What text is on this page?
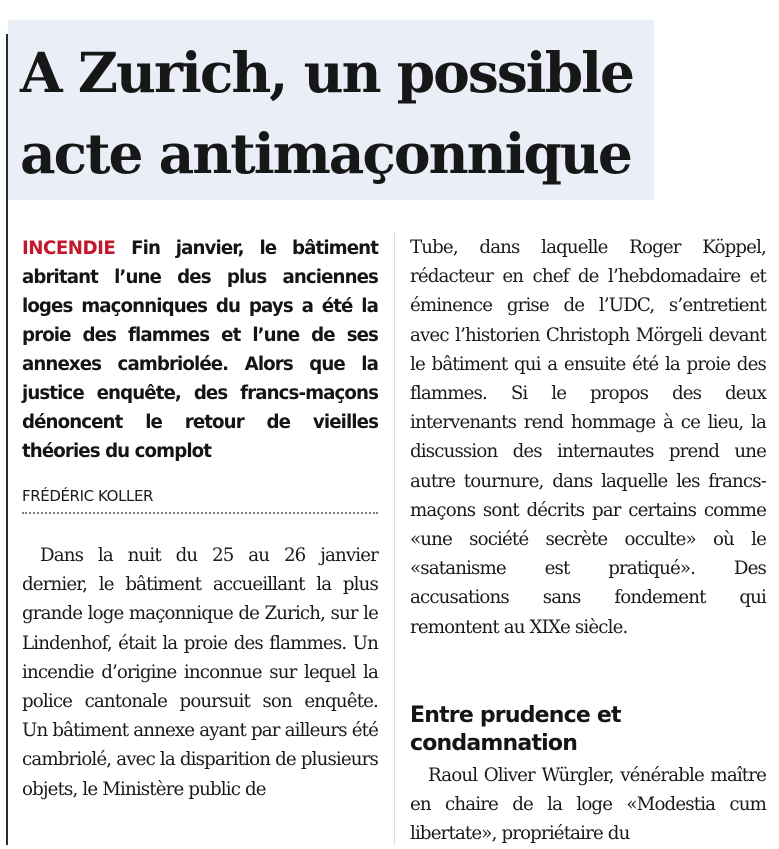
A Zurich, un possible
acte antimaçonnique

INCENDIE Fin janvier, le bâtiment abritant l’une des plus anciennes loges maçonniques du pays a été la proie des flammes et l’une de ses annexes cambriolée. Alors que la justice enquête, des francs-maçons dénoncent le retour de vieilles théories du complot

FRÉDÉRIC KOLLER

Dans la nuit du 25 au 26 janvier dernier, le bâtiment accueillant la plus grande loge maçonnique de Zurich, sur le Lindenhof, était la proie des flammes. Un incendie d’origine inconnue sur lequel la police cantonale poursuit son enquête. Un bâtiment annexe ayant par ailleurs été cambriolé, avec la disparition de plusieurs objets, le Ministère public de

Tube, dans laquelle Roger Köppel, rédacteur en chef de l’hebdomadaire et éminence grise de l’UDC, s’entretient avec l’historien Christoph Mörgeli devant le bâtiment qui a ensuite été la proie des flammes. Si le propos des deux intervenants rend hommage à ce lieu, la discussion des internautes prend une autre tournure, dans laquelle les francs-maçons sont décrits par certains comme «une société secrète occulte» où le «satanisme est pratiqué». Des accusations sans fondement qui remontent au XIXe siècle.

Entre prudence et condamnation

Raoul Oliver Würgler, vénérable maître en chaire de la loge «Modestia cum libertate», propriétaire du
